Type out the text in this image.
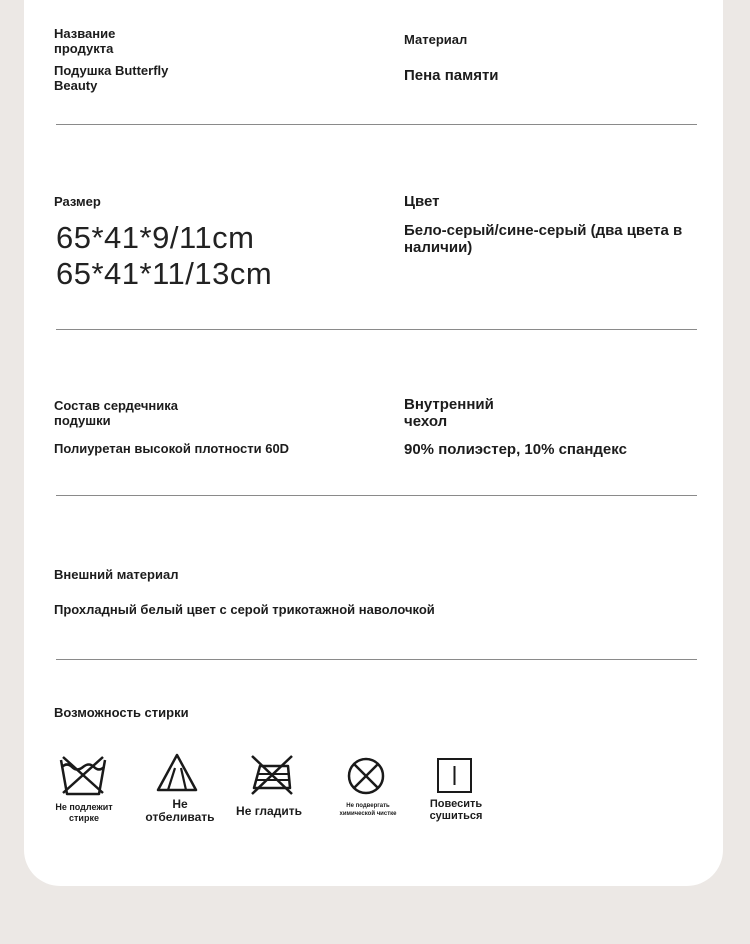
Название продукта

Подушка Butterfly Beauty

Материал

Пена памяти

Размер

65*41*9/11cm

65*41*11/13cm

Цвет

Бело-серый/сине-серый (два цвета в наличии)

Состав сердечника подушки

Полиуретан высокой плотности 60D

Внутренний чехол

90% полиэстер, 10% спандекс

Внешний материал

Прохладный белый цвет с серой трикотажной наволочкой

Возможность стирки

Не подлежит стирке

Не отбеливать	Не гладить	Не подвергать химической чистке

Повесить сушиться
